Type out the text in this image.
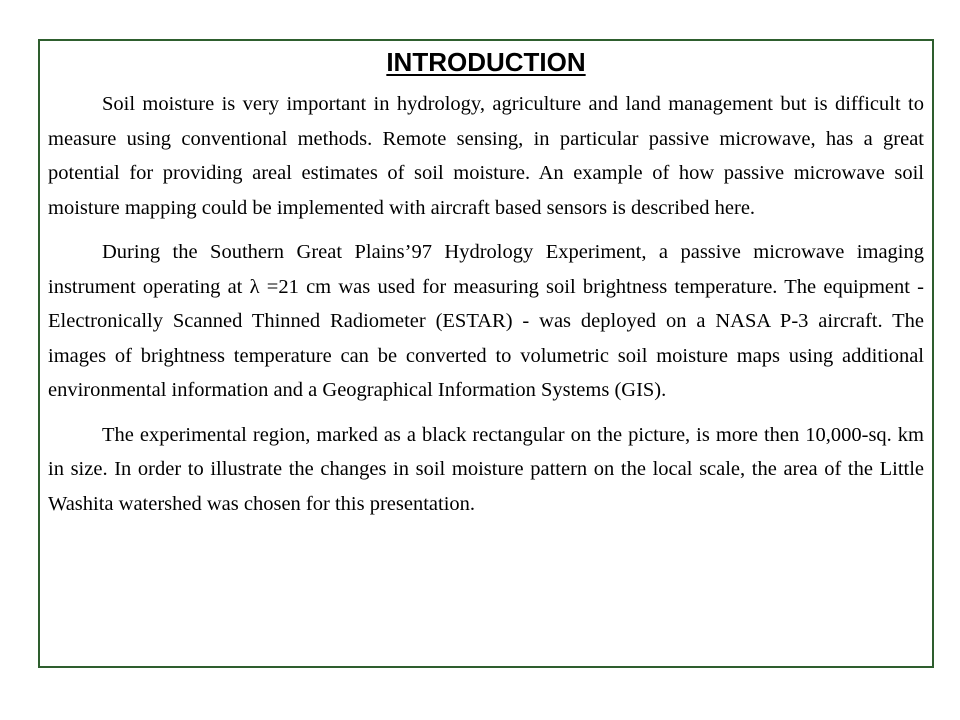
INTRODUCTION

Soil moisture is very important in hydrology, agriculture and land management but is difficult to measure using conventional methods. Remote sensing, in particular passive microwave, has a great potential for providing areal estimates of soil moisture. An example of how passive microwave soil moisture mapping could be implemented with aircraft based sensors is described here.

During the Southern Great Plains’97 Hydrology Experiment, a passive microwave imaging instrument operating at λ =21 cm was used for measuring soil brightness temperature. The equipment - Electronically Scanned Thinned Radiometer (ESTAR) - was deployed on a NASA P-3 aircraft. The images of brightness temperature can be converted to volumetric soil moisture maps using additional environmental information and a Geographical Information Systems (GIS).

The experimental region, marked as a black rectangular on the picture, is more then 10,000-sq. km in size. In order to illustrate the changes in soil moisture pattern on the local scale, the area of the Little Washita watershed was chosen for this presentation.
